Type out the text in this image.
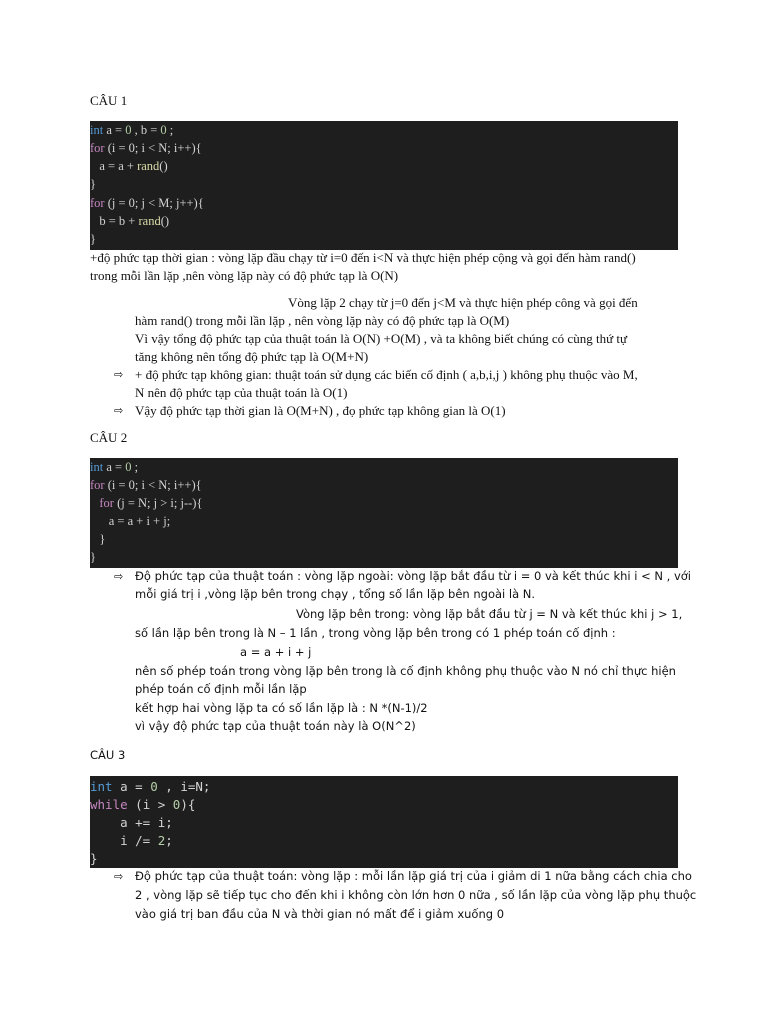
CÂU 1
int a = 0 , b = 0 ;
for (i = 0; i < N; i++){
a = a + rand()
}
for (j = 0; j < M; j++){
b = b + rand()
}
+độ phức tạp thời gian : vòng lặp đầu chạy từ i=0 đến i<N và thực hiện phép cộng và gọi đến hàm rand()
trong mỗi lần lặp ,nên vòng lặp này có độ phức tạp là O(N)
Vòng lặp 2 chạy từ j=0 đến j<M và thực hiện phép công và gọi đến
hàm rand() trong mỗi lần lặp , nên vòng lặp này có độ phức tạp là O(M)
Vì vậy tổng độ phức tạp của thuật toán là O(N) +O(M) , và ta không biết chúng có cùng thứ tự
tăng không nên tổng độ phức tạp là O(M+N)
⇨ + độ phức tạp không gian: thuật toán sử dụng các biến cố định ( a,b,i,j ) không phụ thuộc vào M,
N nên độ phức tạp của thuật toán là O(1)
⇨ Vậy độ phức tạp thời gian là O(M+N) , đọ phức tạp không gian là O(1)
CÂU 2
int a = 0 ;
for (i = 0; i < N; i++){
for (j = N; j > i; j--){
a = a + i + j;
}
}
⇨ Độ phức tạp của thuật toán : vòng lặp ngoài: vòng lặp bắt đầu từ i = 0 và kết thúc khi i < N , với
mỗi giá trị i ,vòng lặp bên trong chạy , tổng số lần lặp bên ngoài là N.
Vòng lặp bên trong: vòng lặp bắt đầu từ j = N và kết thúc khi j > 1,
số lần lặp bên trong là N – 1 lần , trong vòng lặp bên trong có 1 phép toán cố định :
a = a + i + j
nên số phép toán trong vòng lặp bên trong là cố định không phụ thuộc vào N nó chỉ thực hiện
phép toán cố định mỗi lần lặp
kết hợp hai vòng lặp ta có số lần lặp là : N *(N-1)/2
vì vậy độ phức tạp của thuật toán này là O(N^2)
CÂU 3
int a = 0 , i=N;
while (i > 0){
a += i;
i /= 2;
}
⇨ Độ phức tạp của thuật toán: vòng lặp : mỗi lần lặp giá trị của i giảm di 1 nữa bằng cách chia cho
2 , vòng lặp sẽ tiếp tục cho đến khi i không còn lớn hơn 0 nữa , số lần lặp của vòng lặp phụ thuộc
vào giá trị ban đầu của N và thời gian nó mất để i giảm xuống 0
